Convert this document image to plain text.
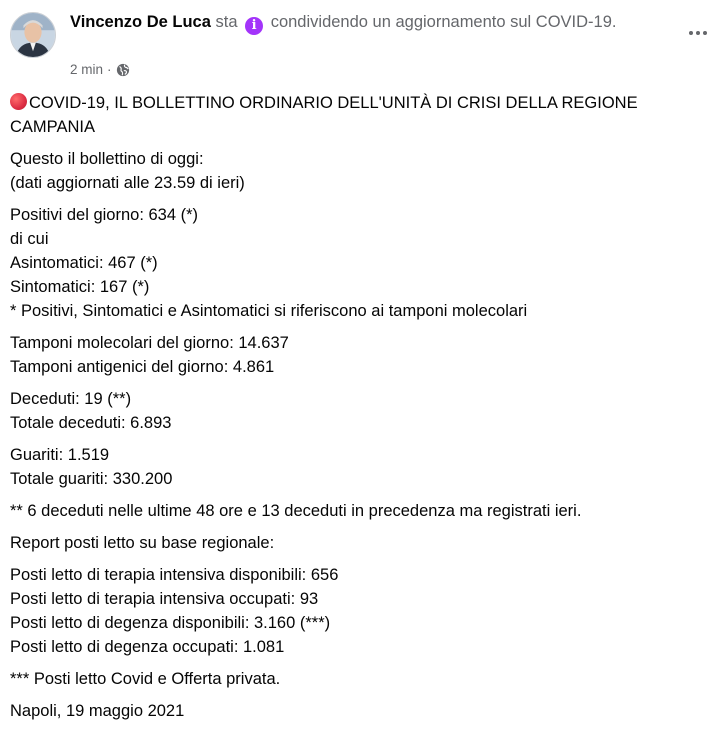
Vincenzo De Luca sta i condividendo un aggiornamento sul COVID-19.
2 min ·
COVID-19, IL BOLLETTINO ORDINARIO DELL'UNITÀ DI CRISI DELLA REGIONE CAMPANIA
Questo il bollettino di oggi:
(dati aggiornati alle 23.59 di ieri)
Positivi del giorno: 634 (*)
di cui
Asintomatici: 467 (*)
Sintomatici: 167 (*)
* Positivi, Sintomatici e Asintomatici si riferiscono ai tamponi molecolari
Tamponi molecolari del giorno: 14.637
Tamponi antigenici del giorno: 4.861
Deceduti: 19 (**)
Totale deceduti: 6.893
Guariti: 1.519
Totale guariti: 330.200
** 6 deceduti nelle ultime 48 ore e 13 deceduti in precedenza ma registrati ieri.
Report posti letto su base regionale:
Posti letto di terapia intensiva disponibili: 656
Posti letto di terapia intensiva occupati: 93
Posti letto di degenza disponibili: 3.160 (***)
Posti letto di degenza occupati: 1.081
*** Posti letto Covid e Offerta privata.
Napoli, 19 maggio 2021
